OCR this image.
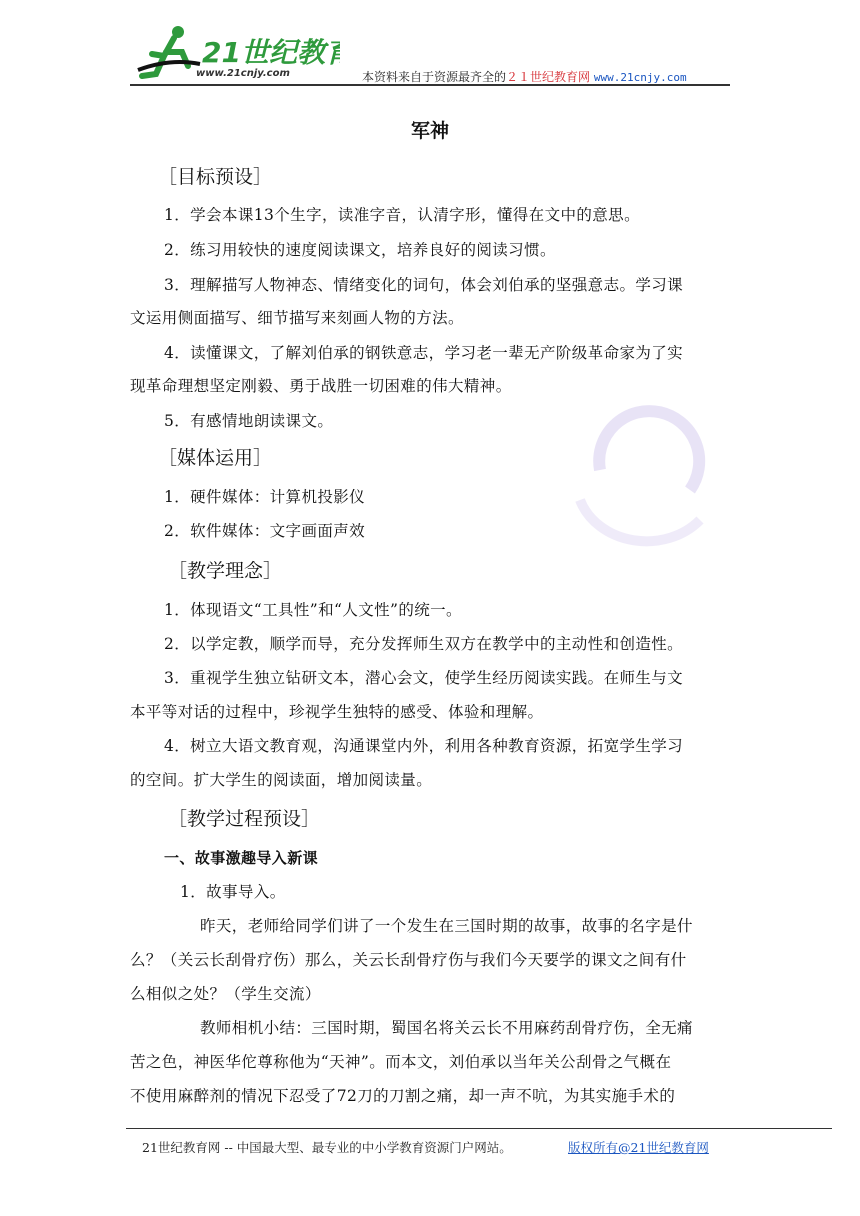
21世纪教育
www.21cnjy.com	本资料来自于资源最齐全的２１世纪教育网 www.21cnjy.com
军神
［目标预设］
1．学会本课13个生字，读准字音，认清字形，懂得在文中的意思。
2．练习用较快的速度阅读课文，培养良好的阅读习惯。
3．理解描写人物神态、情绪变化的词句，体会刘伯承的坚强意志。学习课
文运用侧面描写、细节描写来刻画人物的方法。
4．读懂课文，了解刘伯承的钢铁意志，学习老一辈无产阶级革命家为了实
现革命理想坚定刚毅、勇于战胜一切困难的伟大精神。
5．有感情地朗读课文。
［媒体运用］
1．硬件媒体：计算机投影仪
2．软件媒体：文字画面声效
［教学理念］
1．体现语文“工具性”和“人文性”的统一。
2．以学定教，顺学而导，充分发挥师生双方在教学中的主动性和创造性。
3．重视学生独立钻研文本，潜心会文，使学生经历阅读实践。在师生与文
本平等对话的过程中，珍视学生独特的感受、体验和理解。
4．树立大语文教育观，沟通课堂内外，利用各种教育资源，拓宽学生学习
的空间。扩大学生的阅读面，增加阅读量。
［教学过程预设］
一、故事激趣导入新课
1．故事导入。
昨天，老师给同学们讲了一个发生在三国时期的故事，故事的名字是什
么？（关云长刮骨疗伤）那么，关云长刮骨疗伤与我们今天要学的课文之间有什
么相似之处？（学生交流）
教师相机小结：三国时期，蜀国名将关云长不用麻药刮骨疗伤，全无痛
苦之色，神医华佗尊称他为“天神”。而本文，刘伯承以当年关公刮骨之气概在
不使用麻醉剂的情况下忍受了72刀的刀割之痛，却一声不吭，为其实施手术的
21世纪教育网 -- 中国最大型、最专业的中小学教育资源门户网站。	版权所有@21世纪教育网
